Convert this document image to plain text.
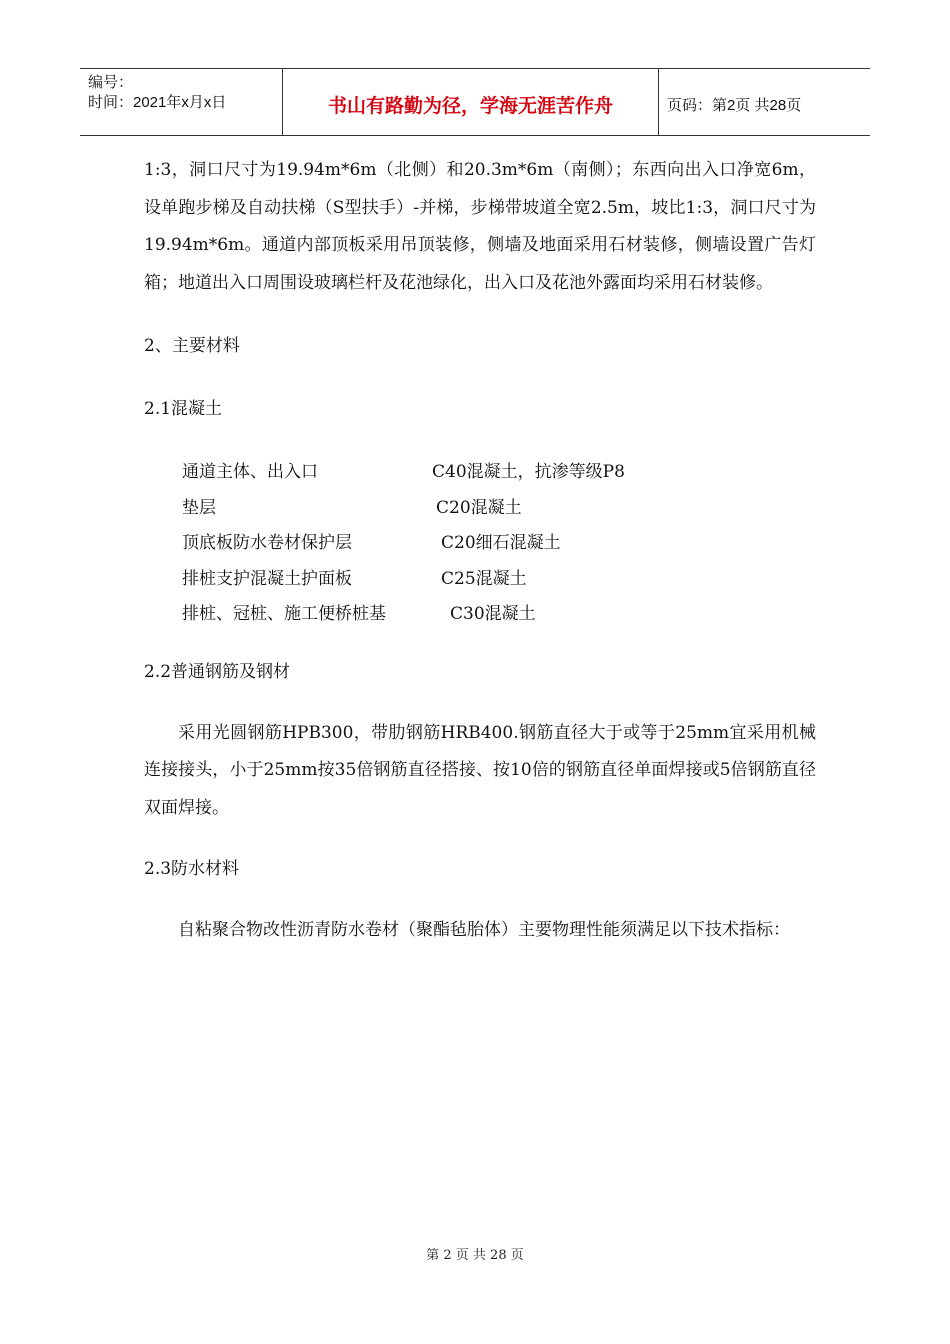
编号：
时间：2021年x月x日	书山有路勤为径，学海无涯苦作舟	页码：第2页 共28页

1:3，洞口尺寸为19.94m*6m（北侧）和20.3m*6m（南侧）；东西向出入口净宽6m，设单跑步梯及自动扶梯（S型扶手）-并梯，步梯带坡道全宽2.5m，坡比1:3，洞口尺寸为19.94m*6m。通道内部顶板采用吊顶装修，侧墙及地面采用石材装修，侧墙设置广告灯箱；地道出入口周围设玻璃栏杆及花池绿化，出入口及花池外露面均采用石材装修。

2、主要材料

2.1混凝土

通道主体、出入口	C40混凝土，抗渗等级P8
垫层	C20混凝土
顶底板防水卷材保护层	C20细石混凝土
排桩支护混凝土护面板	C25混凝土
排桩、冠桩、施工便桥桩基	C30混凝土

2.2普通钢筋及钢材

采用光圆钢筋HPB300，带肋钢筋HRB400.钢筋直径大于或等于25mm宜采用机械连接接头，小于25mm按35倍钢筋直径搭接、按10倍的钢筋直径单面焊接或5倍钢筋直径双面焊接。

2.3防水材料

自粘聚合物改性沥青防水卷材（聚酯毡胎体）主要物理性能须满足以下技术指标：

第 2 页 共 28 页
